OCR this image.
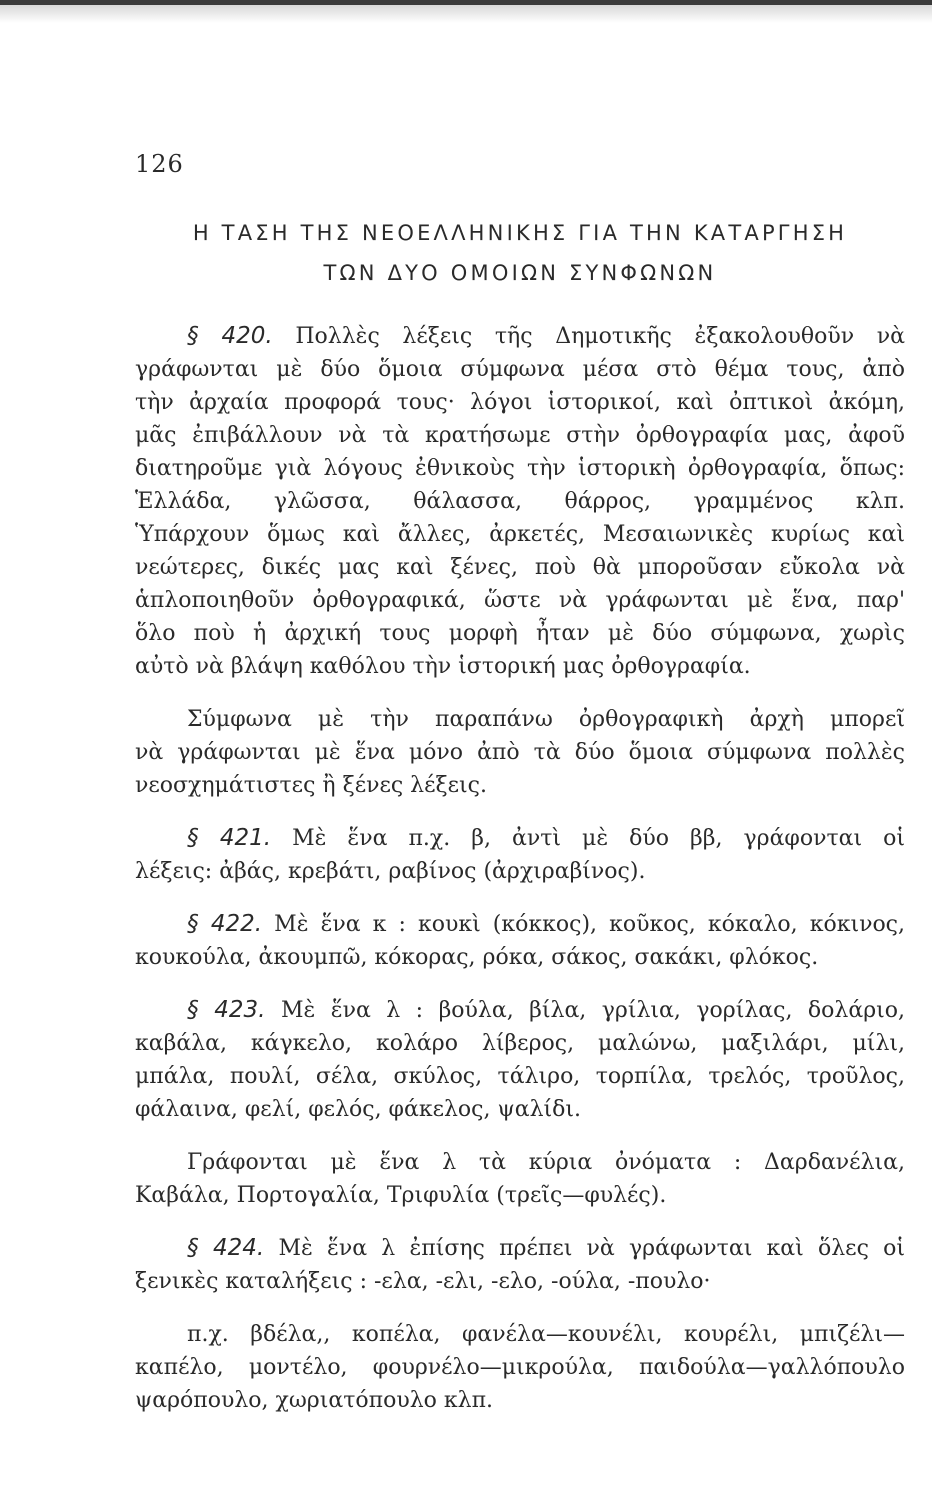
126
Η ΤΑΣΗ ΤΗΣ ΝΕΟΕΛΛΗΝΙΚΗΣ ΓΙΑ ΤΗΝ ΚΑΤΑΡΓΗΣΗ
ΤΩΝ ΔΥΟ ΟΜΟΙΩΝ ΣΥΝΦΩΝΩΝ
§ 420. Πολλὲς λέξεις τῆς Δημοτικῆς ἐξακολουθοῦν νὰ
γράφωνται μὲ δύο ὅμοια σύμφωνα μέσα στὸ θέμα τους, ἀπὸ
τὴν ἀρχαία προφορά τους· λόγοι ἱστορικοί, καὶ ὀπτικοὶ ἀκόμη,
μᾶς ἐπιβάλλουν νὰ τὰ κρατήσωμε στὴν ὀρθογραφία μας, ἀφοῦ
διατηροῦμε γιὰ λόγους ἐθνικοὺς τὴν ἱστορικὴ ὀρθογραφία, ὅπως:
Ἑλλάδα, γλῶσσα, θάλασσα, θάρρος, γραμμένος κλπ.
Ὑπάρχουν ὅμως καὶ ἄλλες, ἀρκετές, Μεσαιωνικὲς κυρίως καὶ
νεώτερες, δικές μας καὶ ξένες, ποὺ θὰ μποροῦσαν εὔκολα νὰ
ἁπλοποιηθοῦν ὀρθογραφικά, ὥστε νὰ γράφωνται μὲ ἕνα, παρ'
ὅλο ποὺ ἡ ἀρχική τους μορφὴ ἦταν μὲ δύο σύμφωνα, χωρὶς
αὐτὸ νὰ βλάψη καθόλου τὴν ἱστορική μας ὀρθογραφία.
Σύμφωνα μὲ τὴν παραπάνω ὀρθογραφικὴ ἀρχὴ μπορεῖ
νὰ γράφωνται μὲ ἕνα μόνο ἀπὸ τὰ δύο ὅμοια σύμφωνα πολλὲς
νεοσχημάτιστες ἢ ξένες λέξεις.
§ 421. Μὲ ἕνα π.χ. β, ἀντὶ μὲ δύο ββ, γράφονται οἱ
λέξεις: ἀβάς, κρεβάτι, ραβίνος (ἀρχιραβίνος).
§ 422. Μὲ ἕνα κ : κουκὶ (κόκκος), κοῦκος, κόκαλο, κόκινος,
κουκούλα, ἀκουμπῶ, κόκορας, ρόκα, σάκος, σακάκι, φλόκος.
§ 423. Μὲ ἕνα λ : βούλα, βίλα, γρίλια, γορίλας, δολάριο,
καβάλα, κάγκελο, κολάρο λίβερος, μαλώνω, μαξιλάρι, μίλι,
μπάλα, πουλί, σέλα, σκύλος, τάλιρο, τορπίλα, τρελός, τροῦλος,
φάλαινα, φελί, φελός, φάκελος, ψαλίδι.
Γράφονται μὲ ἕνα λ τὰ κύρια ὀνόματα : Δαρδανέλια,
Καβάλα, Πορτογαλία, Τριφυλία (τρεῖς—φυλές).
§ 424. Μὲ ἕνα λ ἐπίσης πρέπει νὰ γράφωνται καὶ ὅλες οἱ
ξενικὲς καταλήξεις : -ελα, -ελι, -ελο, -ούλα, -πουλο·
π.χ. βδέλα,, κοπέλα, φανέλα—κουνέλι, κουρέλι, μπιζέλι—
καπέλο, μοντέλο, φουρνέλο—μικρούλα, παιδούλα—γαλλόπουλο
ψαρόπουλο, χωριατόπουλο κλπ.
